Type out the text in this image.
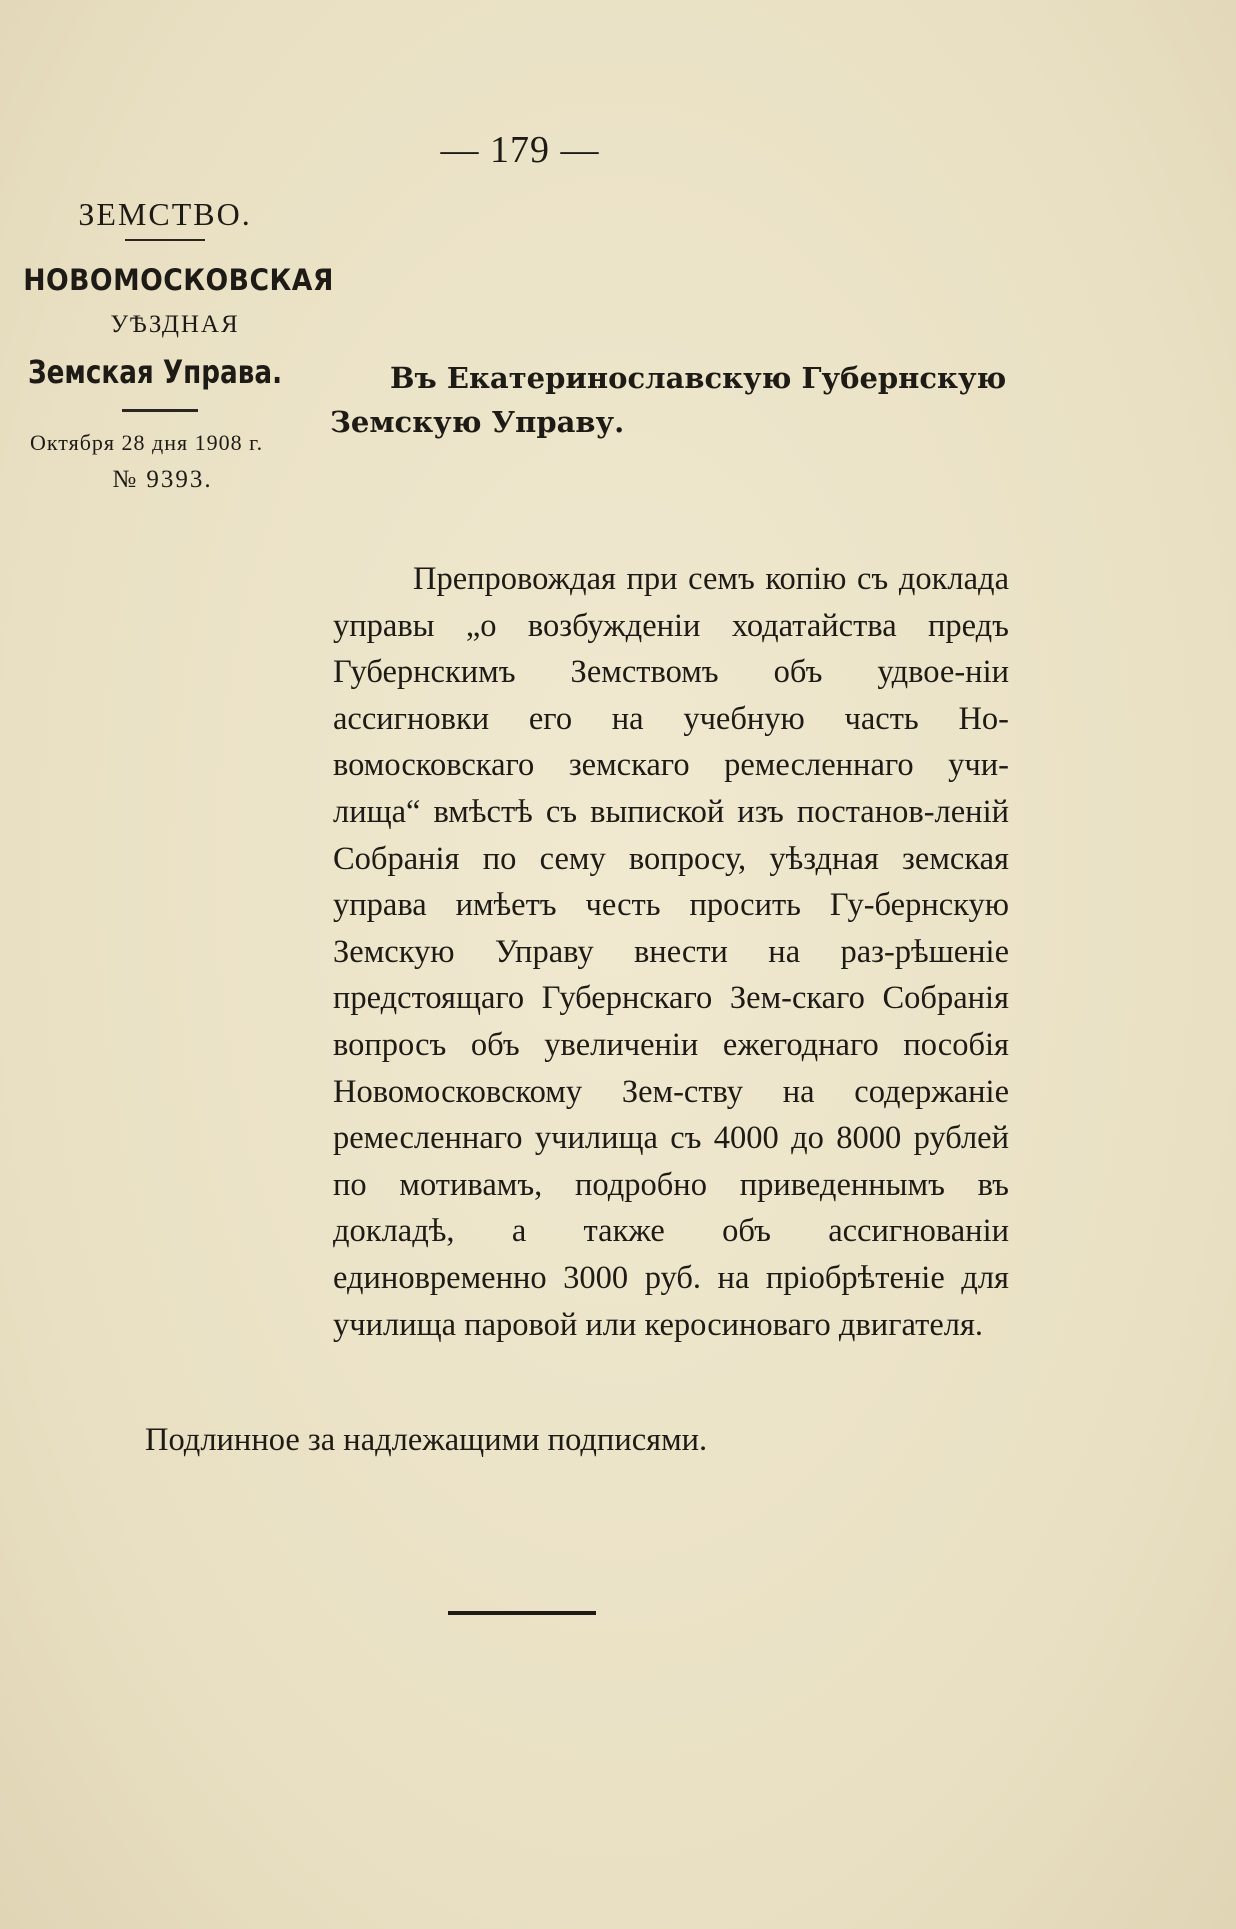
— 179 —
ЗЕМСТВО.
НОВОМОСКОВСКАЯ
УѢЗДНАЯ
Земская Управа.
Октября 28 дня 1908 г.
№ 9393.
Въ Екатеринославскую Губернскую
Земскую Управу.
Препровождая при семъ копію съ доклада управы „о возбужденіи ходатайства предъ Губернскимъ Земствомъ объ удвое-ніи ассигновки его на учебную часть Но-вомосковскаго земскаго ремесленнаго учи-лища“ вмѣстѣ съ выпиской изъ постанов-леній Собранія по сему вопросу, уѣздная земская управа имѣетъ честь просить Гу-бернскую Земскую Управу внести на раз-рѣшеніе предстоящаго Губернскаго Зем-скаго Собранія вопросъ объ увеличеніи ежегоднаго пособія Новомосковскому Зем-ству на содержаніе ремесленнаго училища съ 4000 до 8000 рублей по мотивамъ, подробно приведеннымъ въ докладѣ, а также объ ассигнованіи единовременно 3000 руб. на пріобрѣтеніе для училища паровой или керосиноваго двигателя.
Подлинное за надлежащими подписями.
